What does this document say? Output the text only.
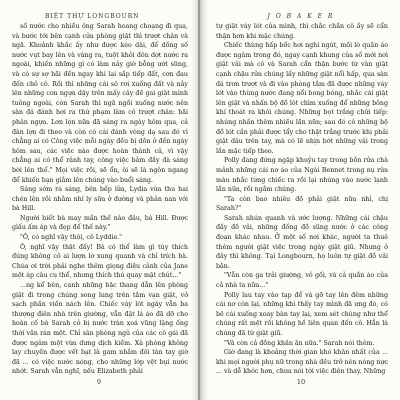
BIỆT THỰ LONGBOURN

số nước cho nhiều ông Sarah hoang choạng đi qua, và bước tới bên cạnh cửa phòng giặt thì trượt chân và ngã. Khoảnh khắc ấy như được kéo dài, đế dồng số nước vụt bay lên và vàng ra, tuột khỏi đôn dợt nước ra ngoài, khiến những gì có làm nảy giờ bỗng ướt sũng, và có sự sợ hãi đến ngay khi lại sắp tiếp đất, cơn đau đến chỏ cô. Rồi thì những cái sô rơi xuống đất và nảy lên những con ngựa dậy trên mấy cây đề gai giặt mình tuông ngoài, còn Sarah thì ngã ngồi xuống nước nên sàn đá đánh hơi ra thứ phạm làm cô trượt chân: bãi phân ngựa. Lơn lọn nữa đã sáng ra ngày hôm qua, cả đàn lợn đi theo và còn có cái đánh vòng dạ sau đó vì chẳng ai có Công việc mỗi ngày đều bị dồn ở đến ngày hôm sau, các việc nào được hoàn thành cả, vì vậy chẳng ai có thể rảnh tay, công việc bảm đầy đà sáng bời lên thế." Mọi việc rồi, sẽ ổn, ôi sẽ là ngôn ngang để khiến bạn giằm lên chúng vào buổi sáng.

Sáng sớm ra sáng, bên bếp lửa, Lydia vừa thu hai chén lên rồi nhằm nhí ly sữa ở đường và phản nan với bà Hill.

Người biết bà may mắn thế nào đâu, bà Hill. Được giấu ấm áp và đẹp để thế này."

"Ô, có nghĩ vậy thôi, cô Lyddie."

Ô, nghĩ vậy thật đấy! Bà có thể làm gì tùy thích đúng không cô ai lượn lờ xung quanh và chỉ trích bà. Chúa ơi trời phải nghe thêm giọng điệu cảnh của Jane một áp câu cụ thể, nhưng thích thú quay mặt chút..."

...ng kể bên, canh những bậc thang dẫn lên phòng giặt đi trong chúng song lung trên tầm vạn giặt, vở sạch phần viền nách lên. Chiếc váy lót ngày vẫn ba thượng điên nhà trên giường, vẫn đặt lá áo đã dỡ cho hoàn cố bà Sarah cỏ bị nước tràn xoá vũng lặng ống thời văn rán một. Chỉ sân phòng ngủ của các cô gái đã được ngâm một vừa dưng dịch kiềm. Xà phòng không lay chuyền được vết bạt là gam nhắm đôi tàn tay giờ đã ... có việc nước nóng, cho những lớp vệt bụi nước nhớt. Sarah vẫn nghĩ, nếu Elizabeth phải

9
J O B A K E R

tự giặt váy lót của mình, thì chắc chắn cô ấy sẽ cẩn thận hơn khi mặc chúng.

Chiếc thùng hấp bốc hơi nghi ngút, mồi lò quần áo được ngâm trong đó, ngay cạnh khung của số mới nơi giặt vải mà cô và Sarah cẩn thận bước từ vàn giặt cạnh chậu rửa chúng lấy những giặt nổi hấp, qua sàn đá trơn trượt và đi vào phòng tắm đã được những váy lót vào thùng nước đang nổi bong bóng, nhắc cái giặt lên giặt và nhấn bộ đồ lót chìm xuống để những bông khí thoát ra khỏi chúng. Những bọt trắng chửi tiếp: nhúng nhấn thêm nhiều lần nữa; sau đó cô những bộ đồ lót cần phải được tẩy cho thật trắng trước khi phải giặt dâu trên tay, mà có lẽ nhịn bớt những vải trong lần mặc tiếp theo.

Polly đang đứng ngập khuỷu tay trong bồn rửa chà mảnh những cái nơ áo của Ngài Bennet trong nụ rửa màu nhắc từng chiếc ra rồi lại nhúng vào nước lạnh lần nữa, rồi ngắm chúng.

"Ta còn bao nhiêu đồ phải giặt nữa nhỉ, chị Sarah?"

Sarah nhún quanh và ước lượng. Những cái chậu đầy đồ vải, những đống đồ sũng nước ở các công đoạn khác nhau. Ở một số nơi khác, người ta thuê thêm người giặt việc trong ngày giặt giũ. Nhưng ở đây thì không. Tại Longbourn, họ luôn tự giặt đồ vải bằn.

"Vẫn còn ga trải giường, vỏ gối, và cả quần áo của cả nhà ta nữa..."

Polly lau tay vào tạp để và gỡ tay lên đêm những cái nơ còn lại, những khi thấy tay mình đã ưng đó, có bê cái xuống xoay bàn tay lại, xem sét chúng như thể chúng rất mệt rồi không hề liên quan đến cô. Hẳn là chúng đã từ giặt giũ.

"Và còn cả đồng khăn ăn nữa." Sarah nói thêm.

Giờ đang là khoảng thời gian khó khăn nhất của ... khi mọi người phụ nữ trong nhà đều trở nên nóng nực ... và dễ khóc hơn, chưa nói tới việc điên thay. Những

10
